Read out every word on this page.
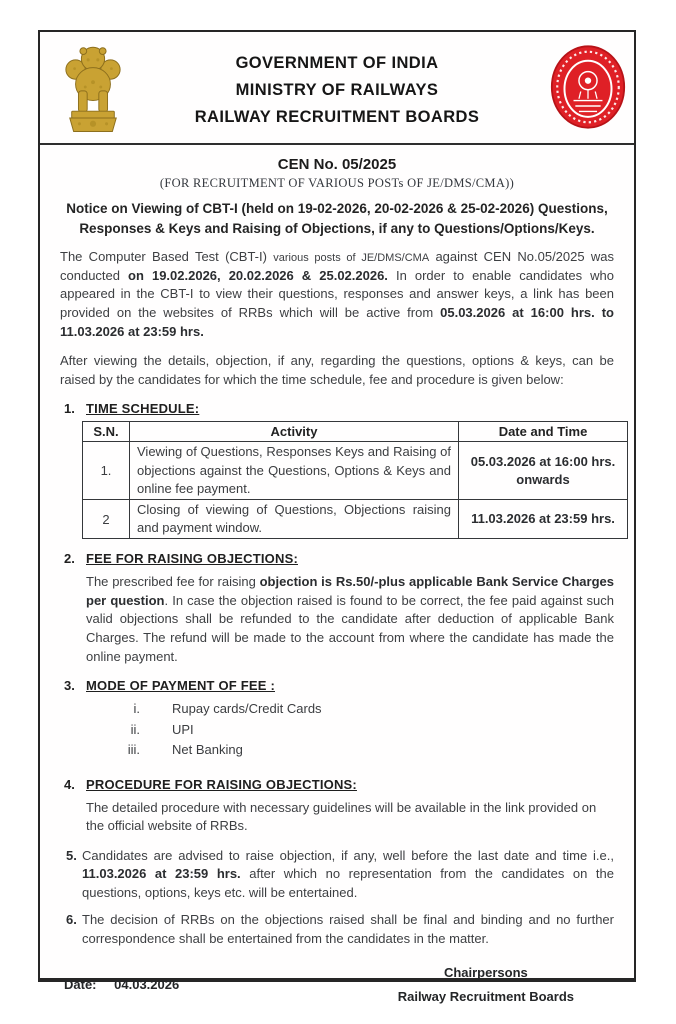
GOVERNMENT OF INDIA
MINISTRY OF RAILWAYS
RAILWAY RECRUITMENT BOARDS
CEN No. 05/2025
(FOR RECRUITMENT OF VARIOUS POSTs OF JE/DMS/CMA))
Notice on Viewing of CBT-I (held on 19-02-2026, 20-02-2026 & 25-02-2026) Questions,
Responses & Keys and Raising of Objections, if any to Questions/Options/Keys.
The Computer Based Test (CBT-I) various posts of JE/DMS/CMA against CEN No.05/2025 was conducted on 19.02.2026, 20.02.2026 & 25.02.2026. In order to enable candidates who appeared in the CBT-I to view their questions, responses and answer keys, a link has been provided on the websites of RRBs which will be active from 05.03.2026 at 16:00 hrs. to 11.03.2026 at 23:59 hrs.
After viewing the details, objection, if any, regarding the questions, options & keys, can be raised by the candidates for which the time schedule, fee and procedure is given below:
1. TIME SCHEDULE:
S.N.	Activity	Date and Time
1.	Viewing of Questions, Responses Keys and Raising of objections against the Questions, Options & Keys and online fee payment.	05.03.2026 at 16:00 hrs. onwards
2	Closing of viewing of Questions, Objections raising and payment window.	11.03.2026 at 23:59 hrs.
2. FEE FOR RAISING OBJECTIONS:
The prescribed fee for raising objection is Rs.50/-plus applicable Bank Service Charges per question. In case the objection raised is found to be correct, the fee paid against such valid objections shall be refunded to the candidate after deduction of applicable Bank Charges. The refund will be made to the account from where the candidate has made the online payment.
3. MODE OF PAYMENT OF FEE :
i. Rupay cards/Credit Cards
ii. UPI
iii. Net Banking
4. PROCEDURE FOR RAISING OBJECTIONS:
The detailed procedure with necessary guidelines will be available in the link provided on the official website of RRBs.
5. Candidates are advised to raise objection, if any, well before the last date and time i.e., 11.03.2026 at 23:59 hrs. after which no representation from the candidates on the questions, options, keys etc. will be entertained.
6. The decision of RRBs on the objections raised shall be final and binding and no further correspondence shall be entertained from the candidates in the matter.
Date: 04.03.2026
Chairpersons
Railway Recruitment Boards
